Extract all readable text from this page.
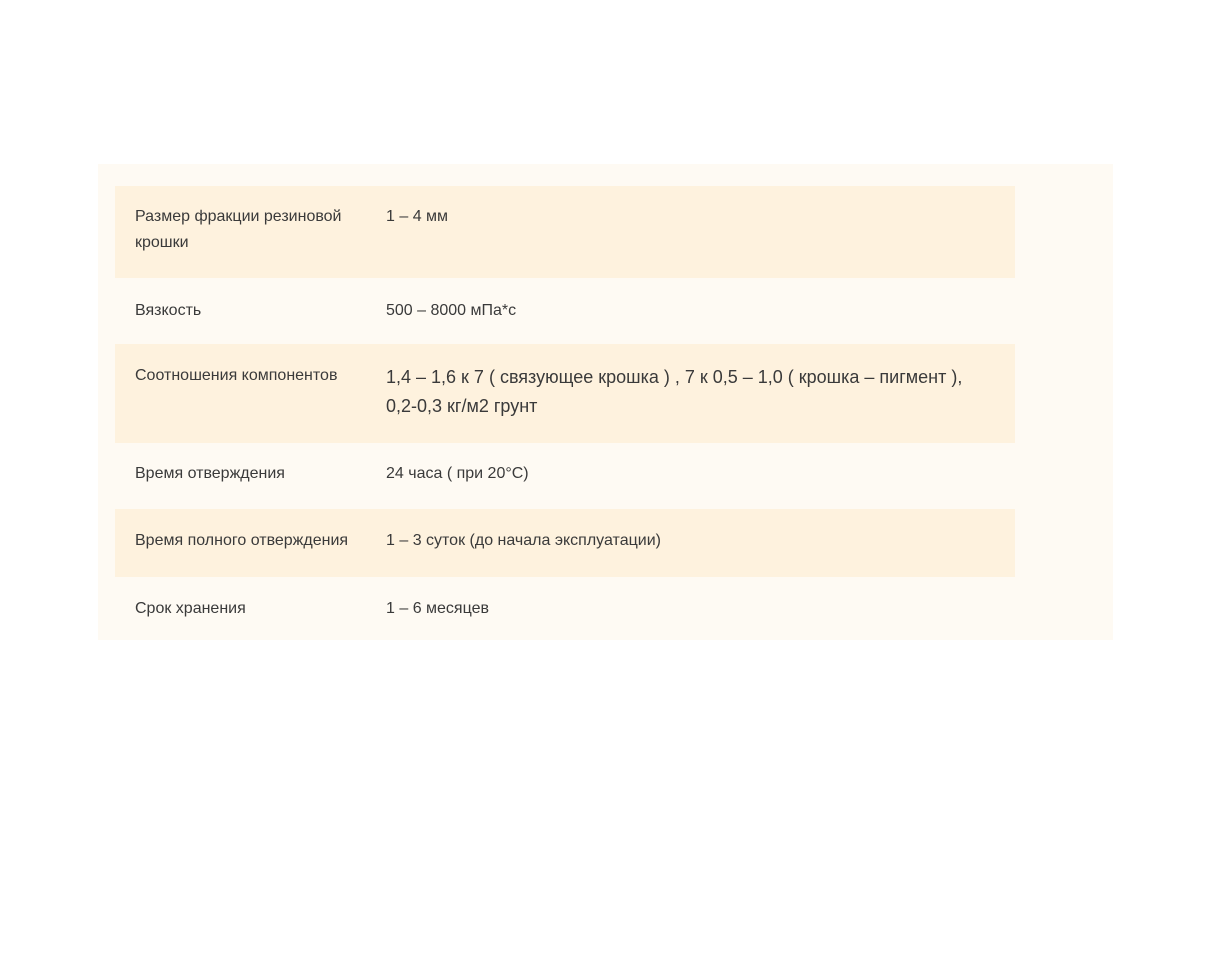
Размер фракции резиновой крошки	1 – 4 мм
Вязкость	500 – 8000 мПа*с
Соотношения компонентов	1,4 – 1,6 к 7 ( связующее крошка ) , 7 к 0,5 – 1,0 ( крошка – пигмент ), 0,2-0,3 кг/м2 грунт
Время отверждения	24 часа ( при 20°С)
Время полного отверждения	1 – 3 суток (до начала эксплуатации)
Срок хранения	1 – 6 месяцев
